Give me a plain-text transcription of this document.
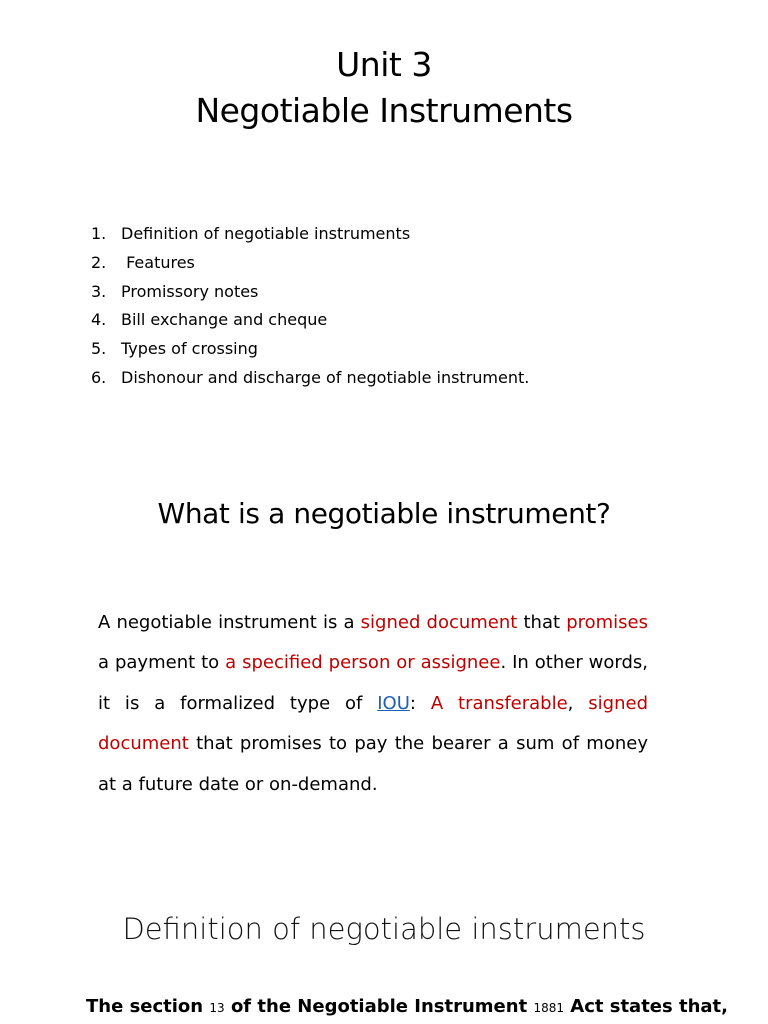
Unit 3
Negotiable Instruments
1. Definition of negotiable instruments
2. Features
3. Promissory notes
4. Bill exchange and cheque
5. Types of crossing
6. Dishonour and discharge of negotiable instrument.
What is a negotiable instrument?

A negotiable instrument is a signed document that promises a payment to a specified person or assignee. In other words, it is a formalized type of IOU: A transferable, signed document that promises to pay the bearer a sum of money at a future date or on-demand.

Definition of negotiable instruments
The section 13 of the Negotiable Instrument 1881 Act states that,
